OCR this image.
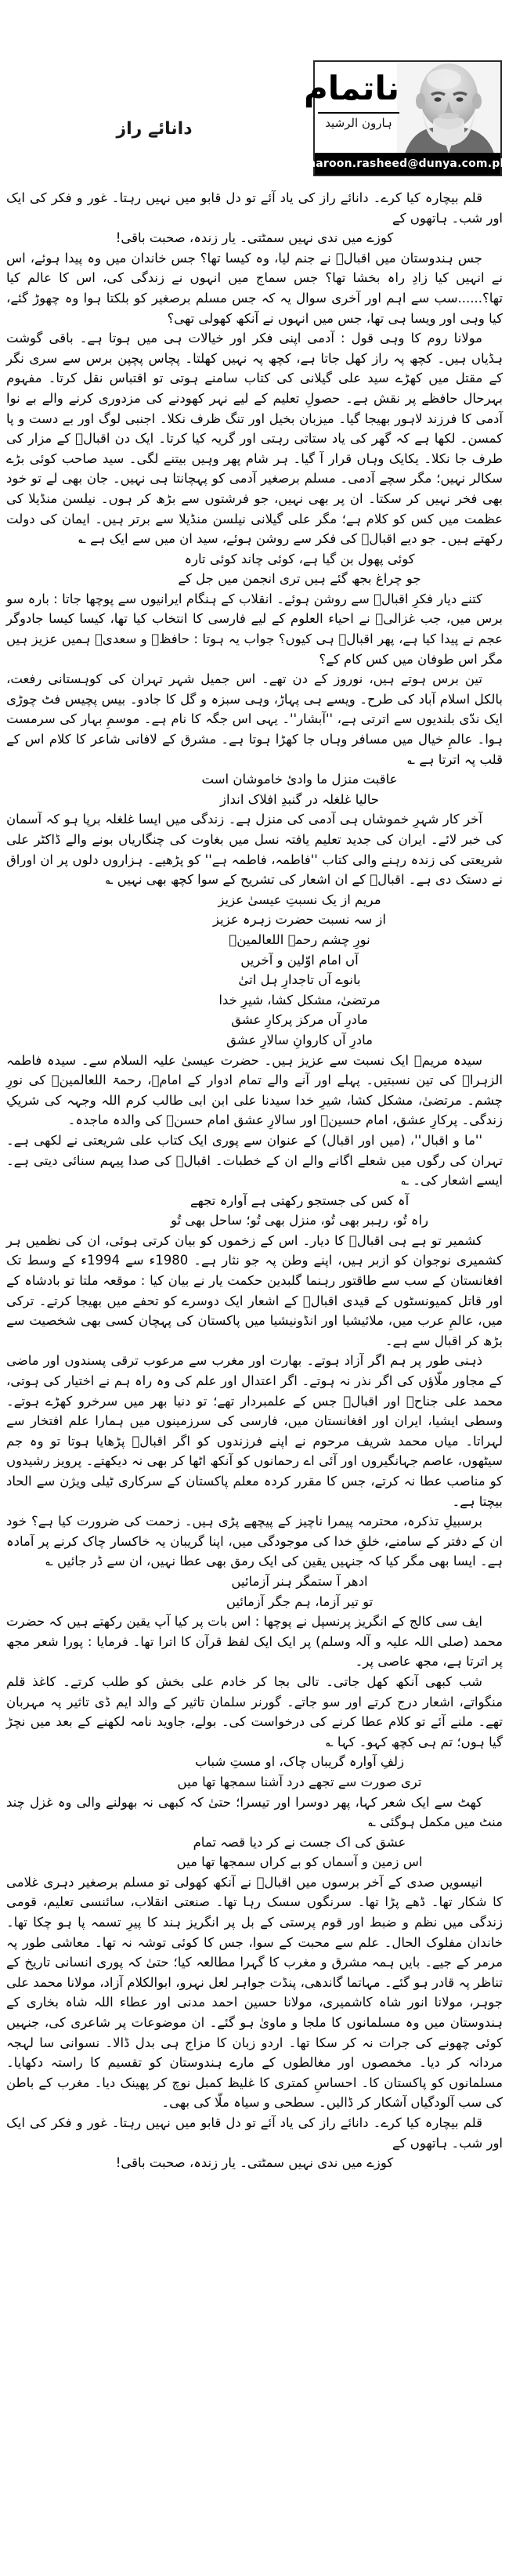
ناتمام
ہارون الرشید
haroon.rasheed@dunya.com.pk
دانائے راز
قلم بیچارہ کیا کرے۔ دانائے راز کی یاد آئے تو دل قابو میں نہیں رہتا۔ غور و فکر کی ایک اور شب۔ ہاتھوں کے
کوزے میں ندی نہیں سمٹتی۔ یار زندہ، صحبت باقی!
جس ہندوستان میں اقبالؔ نے جنم لیا، وہ کیسا تھا؟ جس خاندان میں وہ پیدا ہوئے، اس نے انہیں کیا زادِ راہ بخشا تھا؟ جس سماج میں انہوں نے زندگی کی، اس کا عالم کیا تھا؟......سب سے اہم اور آخری سوال یہ کہ جس مسلم برصغیر کو بلکتا ہوا وہ چھوڑ گئے، کیا وہی اور ویسا ہی تھا، جس میں انہوں نے آنکھ کھولی تھی؟
مولانا روم کا وہی قول : آدمی اپنی فکر اور خیالات ہی میں ہوتا ہے۔ باقی گوشت ہڈیاں ہیں۔ کچھ پہ راز کھل جاتا ہے، کچھ پہ نہیں کھلتا۔ پچاس پچپن برس سے سری نگر کے مقتل میں کھڑے سید علی گیلانی کی کتاب سامنے ہوتی تو اقتباس نقل کرتا۔ مفہوم بہرحال حافظے پر نقش ہے۔ حصولِ تعلیم کے لیے نہر کھودنے کی مزدوری کرنے والے بے نوا آدمی کا فرزند لاہور بھیجا گیا۔ میزبان بخیل اور تنگ ظرف نکلا۔ اجنبی لوگ اور بے دست و پا کمسن۔ لکھا ہے کہ گھر کی یاد ستاتی رہتی اور گریہ کیا کرتا۔ ایک دن اقبالؔ کے مزار کی طرف جا نکلا۔ یکایک وہاں قرار آ گیا۔ ہر شام پھر وہیں بیتنے لگی۔ سید صاحب کوئی بڑے سکالر نہیں؛ مگر سچے آدمی۔ مسلم برصغیر آدمی کو پہچانتا ہی نہیں۔ جان بھی لے تو خود بھی فخر نہیں کر سکتا۔ ان پر بھی نہیں، جو فرشتوں سے بڑھ کر ہوں۔ نیلسن منڈیلا کی عظمت میں کس کو کلام ہے؛ مگر علی گیلانی نیلسن منڈیلا سے برتر ہیں۔ ایمان کی دولت رکھتے ہیں۔ جو دیے اقبالؔ کی فکر سے روشن ہوئے، سید ان میں سے ایک ہے ؎
کوئی پھول بن گیا ہے، کوئی چاند کوئی تارہ
جو چراغ بجھ گئے ہیں تری انجمن میں جل کے
کتنے دیار فکرِ اقبالؔ سے روشن ہوئے۔ انقلاب کے ہنگام ایرانیوں سے پوچھا جاتا : بارہ سو برس میں، جب غزالیؒ نے احیاء العلوم کے لیے فارسی کا انتخاب کیا تھا، کیسا کیسا جادوگر عجم نے پیدا کیا ہے، پھر اقبالؔ ہی کیوں؟ جواب یہ ہوتا : حافظؔ و سعدیؔ ہمیں عزیز ہیں مگر اس طوفان میں کس کام کے؟
تین برس ہوتے ہیں، نوروز کے دن تھے۔ اس جمیل شہر تہران کی کوہستانی رفعت، بالکل اسلام آباد کی طرح۔ ویسے ہی پہاڑ، وہی سبزہ و گل کا جادو۔ بیس پچیس فٹ چوڑی ایک ندّی بلندیوں سے اترتی ہے، ''آبشار''۔ یہی اس جگہ کا نام ہے۔ موسمِ بہار کی سرمست ہوا۔ عالمِ خیال میں مسافر وہاں جا کھڑا ہوتا ہے۔ مشرق کے لافانی شاعر کا کلام اس کے قلب پہ اترتا ہے ؎
عاقبت منزل ما وادیٔ خاموشان است
حالیا غلغلہ در گنبدِ افلاک انداز
آخر کار شہرِ خموشاں ہی آدمی کی منزل ہے۔ زندگی میں ایسا غلغلہ برپا ہو کہ آسمان کی خبر لائے۔ ایران کی جدید تعلیم یافتہ نسل میں بغاوت کی چنگاریاں بونے والے ڈاکٹر علی شریعتی کی زندہ رہنے والی کتاب ''فاطمہ، فاطمہ ہے'' کو پڑھیے۔ ہزاروں دلوں پر ان اوراق نے دستک دی ہے۔ اقبالؔ کے ان اشعار کی تشریح کے سوا کچھ بھی نہیں ؎
مریم از یک نسبتِ عیسیٰ عزیز
از سہ نسبت حضرت زہرہ عزیز
نورِ چشم رحمۃ اللعالمینؐ
آں امام اوّلین و آخریں
بانوے آں تاجدارِ ہل اتیٰ
مرتضیٰ، مشکل کشا، شیرِ خدا
مادرِ آں مرکز پرکارِ عشق
مادرِ آں کاروانِ سالارِ عشق
سیدہ مریمؑ ایک نسبت سے عزیز ہیں۔ حضرت عیسیٰ علیہ السلام سے۔ سیدہ فاطمہ الزہراؓ کی تین نسبتیں۔ پہلے اور آنے والے تمام ادوار کے امامؐ، رحمۃ اللعالمینؐ کی نورِ چشم۔ مرتضیٰ، مشکل کشا، شیرِ خدا سیدنا علی ابن ابی طالب کرم اللہ وجہہ کی شریکِ زندگی۔ پرکارِ عشق، امام حسینؓ اور سالارِ عشق امام حسنؓ کی والدہ ماجدہ۔
''ما و اقبال''، (میں اور اقبال) کے عنوان سے پوری ایک کتاب علی شریعتی نے لکھی ہے۔ تہران کی رگوں میں شعلے اگانے والے ان کے خطبات۔ اقبالؔ کی صدا پیہم سنائی دیتی ہے۔ ایسے اشعار کی۔ ؎
آہ کس کی جستجو رکھتی ہے آوارہ تجھے
راہ تُو، رہبر بھی تُو، منزل بھی تُو؛ ساحل بھی تُو
کشمیر تو ہے ہی اقبالؔ کا دیار۔ اس کے زخموں کو بیان کرتی ہوئی، ان کی نظمیں ہر کشمیری نوجوان کو ازبر ہیں، اپنے وطن پہ جو نثار ہے۔ 1980ء سے 1994ء کے وسط تک افغانستان کے سب سے طاقتور رہنما گلبدین حکمت یار نے بیان کیا : موقعہ ملتا تو بادشاہ کے اور قاتل کمیونسٹوں کے قیدی اقبالؔ کے اشعار ایک دوسرے کو تحفے میں بھیجا کرتے۔ ترکی میں، عالمِ عرب میں، ملائیشیا اور انڈونیشیا میں پاکستان کی پہچان کسی بھی شخصیت سے بڑھ کر اقبال سے ہے۔
ذہنی طور پر ہم اگر آزاد ہوتے۔ بھارت اور مغرب سے مرعوب ترقی پسندوں اور ماضی کے مجاور ملّاؤں کی اگر نذر نہ ہوتے۔ اگر اعتدال اور علم کی وہ راہ ہم نے اختیار کی ہوتی، محمد علی جناحؒ اور اقبالؔ جس کے علمبردار تھے؛ تو دنیا بھر میں سرخرو کھڑے ہوتے۔ وسطی ایشیا، ایران اور افغانستان میں، فارسی کی سرزمینوں میں ہمارا علم افتخار سے لہراتا۔ میاں محمد شریف مرحوم نے اپنے فرزندوں کو اگر اقبالؔ پڑھایا ہوتا تو وہ جم سیٹھوں، عاصم جہانگیروں اور آئی اے رحمانوں کو آنکھ اٹھا کر بھی نہ دیکھتے۔ پرویز رشیدوں کو مناصب عطا نہ کرتے، جس کا مقرر کردہ معلم پاکستان کے سرکاری ٹیلی ویژن سے الحاد بیچتا ہے۔
برسبیلِ تذکرہ، محترمہ پیمرا ناچیز کے پیچھے پڑی ہیں۔ زحمت کی ضرورت کیا ہے؟ خود ان کے دفتر کے سامنے، خلقِ خدا کی موجودگی میں، اپنا گریبان یہ خاکسار چاک کرنے پر آمادہ ہے۔ ایسا بھی مگر کیا کہ جنہیں یقین کی ایک رمق بھی عطا نہیں، ان سے ڈر جائیں ؎
ادھر آ ستمگر ہنر آزمائیں
تو تیر آزما، ہم جگر آزمائیں
ایف سی کالج کے انگریز پرنسپل نے پوچھا : اس بات پر کیا آپ یقین رکھتے ہیں کہ حضرت محمد (صلی اللہ علیہ و آلہ وسلم) پر ایک ایک لفظ قرآن کا اترا تھا۔ فرمایا : پورا شعر مجھ پر اترتا ہے، مجھ عاصی پر۔
شب کبھی آنکھ کھل جاتی۔ تالی بجا کر خادم علی بخش کو طلب کرتے۔ کاغذ قلم منگواتے، اشعار درج کرتے اور سو جاتے۔ گورنر سلمان تاثیر کے والد ایم ڈی تاثیر پہ مہربان تھے۔ ملنے آئے تو کلام عطا کرنے کی درخواست کی۔ بولے، جاوید نامہ لکھنے کے بعد میں نچڑ گیا ہوں؛ تم ہی کچھ کہو۔ کہا ؎
زلفِ آوارہ گریباں چاک، او مستِ شباب
تری صورت سے تجھے درد آشنا سمجھا تھا میں
کھٹ سے ایک شعر کہا، پھر دوسرا اور تیسرا؛ حتیٰ کہ کبھی نہ بھولنے والی وہ غزل چند منٹ میں مکمل ہوگئی ؎
عشق کی اک جست نے کر دیا قصہ تمام
اس زمین و آسماں کو بے کراں سمجھا تھا میں
انیسویں صدی کے آخر برسوں میں اقبالؔ نے آنکھ کھولی تو مسلم برصغیر دہری غلامی کا شکار تھا۔ ڈھے پڑا تھا۔ سرنگوں سسک رہا تھا۔ صنعتی انقلاب، سائنسی تعلیم، قومی زندگی میں نظم و ضبط اور قوم پرستی کے بل پر انگریز ہند کا پیرِ تسمہ پا ہو چکا تھا۔ خاندان مفلوک الحال۔ علم سے محبت کے سوا، جس کا کوئی توشہ نہ تھا۔ معاشی طور پہ مرمر کے جیے۔ بایں ہمہ مشرق و مغرب کا گہرا مطالعہ کیا؛ حتیٰ کہ پوری انسانی تاریخ کے تناظر پہ قادر ہو گئے۔ مہاتما گاندھی، پنڈت جواہر لعل نہرو، ابوالکلام آزاد، مولانا محمد علی جوہر، مولانا انور شاہ کاشمیری، مولانا حسین احمد مدنی اور عطاء اللہ شاہ بخاری کے ہندوستان میں وہ مسلمانوں کا ملجا و ماویٰ ہو گئے۔ ان موضوعات پر شاعری کی، جنہیں کوئی چھونے کی جرات نہ کر سکا تھا۔ اردو زبان کا مزاج ہی بدل ڈالا۔ نسوانی سا لہجہ مردانہ کر دیا۔ مخمصوں اور مغالطوں کے مارے ہندوستان کو تقسیم کا راستہ دکھایا۔ مسلمانوں کو پاکستان کا۔ احساسِ کمتری کا غلیظ کمبل نوچ کر پھینک دیا۔ مغرب کے باطن کی سب آلودگیاں آشکار کر ڈالیں۔ سطحی و سیاہ ملّا کی بھی۔
قلم بیچارہ کیا کرے۔ دانائے راز کی یاد آئے تو دل قابو میں نہیں رہتا۔ غور و فکر کی ایک اور شب۔ ہاتھوں کے
کوزے میں ندی نہیں سمٹتی۔ یار زندہ، صحبت باقی!
